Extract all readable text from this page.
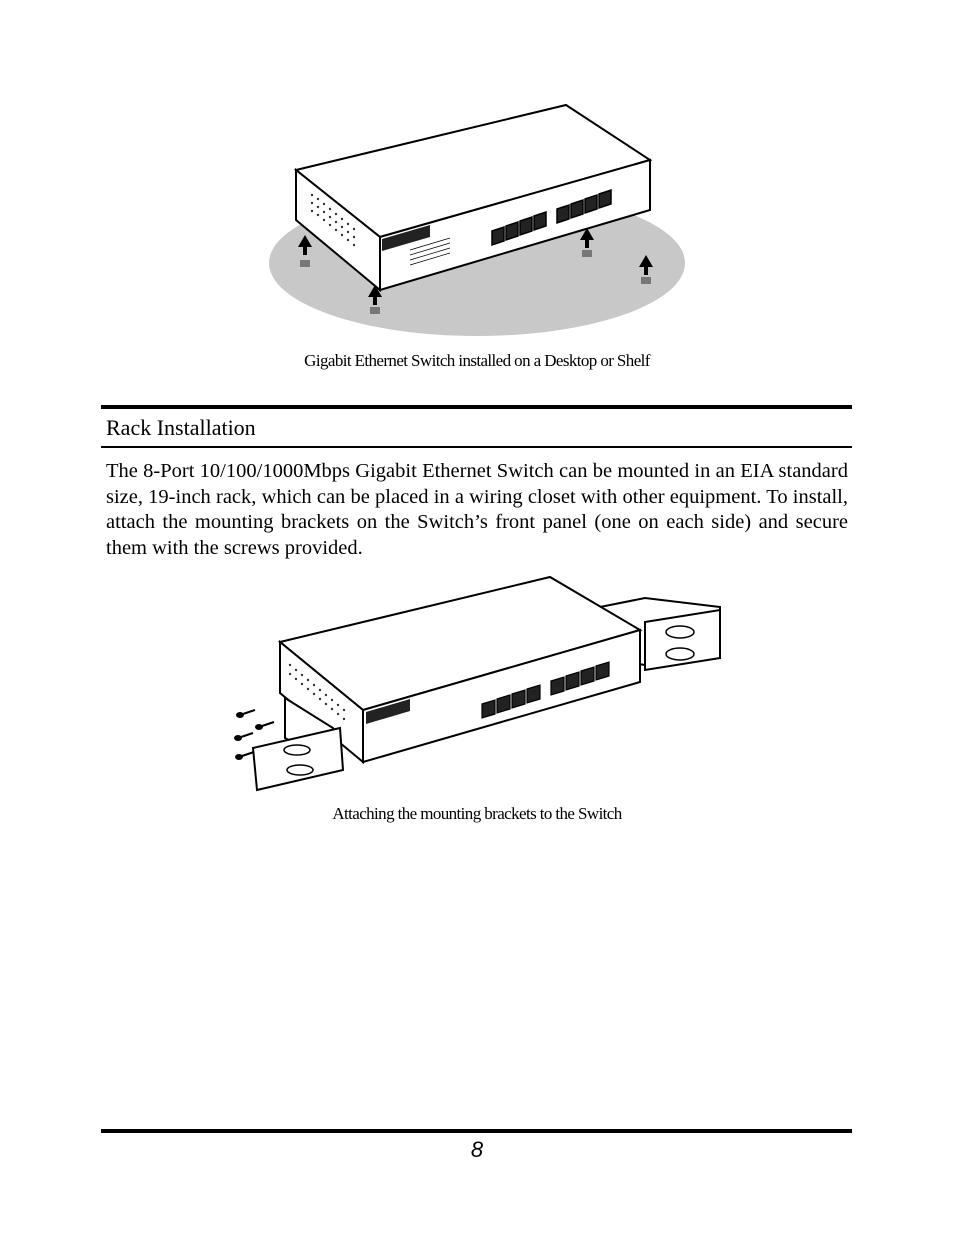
Gigabit Ethernet Switch installed on a Desktop or Shelf
Rack Installation
The 8-Port 10/100/1000Mbps Gigabit Ethernet Switch can be mounted in an EIA standard size, 19-inch rack, which can be placed in a wiring closet with other equipment. To install, attach the mounting brackets on the Switch’s front panel (one on each side) and secure them with the screws provided.
Attaching the mounting brackets to the Switch
8
